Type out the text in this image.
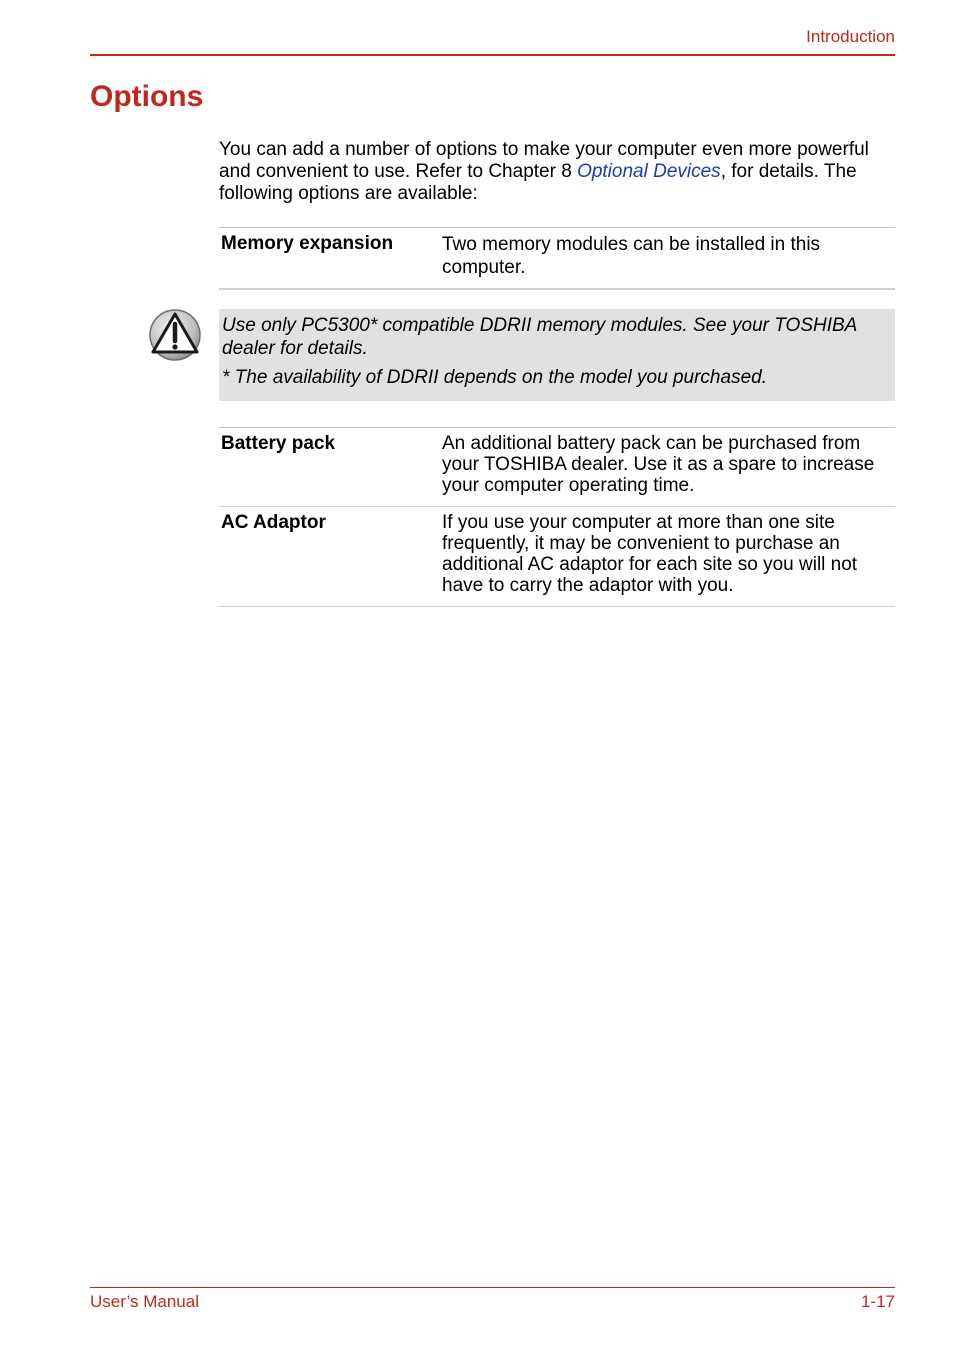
Introduction
Options

You can add a number of options to make your computer even more powerful and convenient to use. Refer to Chapter 8 Optional Devices, for details. The following options are available:

Memory expansion	Two memory modules can be installed in this computer.

Use only PC5300* compatible DDRII memory modules. See your TOSHIBA dealer for details.

* The availability of DDRII depends on the model you purchased.

Battery pack	An additional battery pack can be purchased from your TOSHIBA dealer. Use it as a spare to increase your computer operating time.
AC Adaptor	If you use your computer at more than one site frequently, it may be convenient to purchase an additional AC adaptor for each site so you will not have to carry the adaptor with you.
User’s Manual	1-17
